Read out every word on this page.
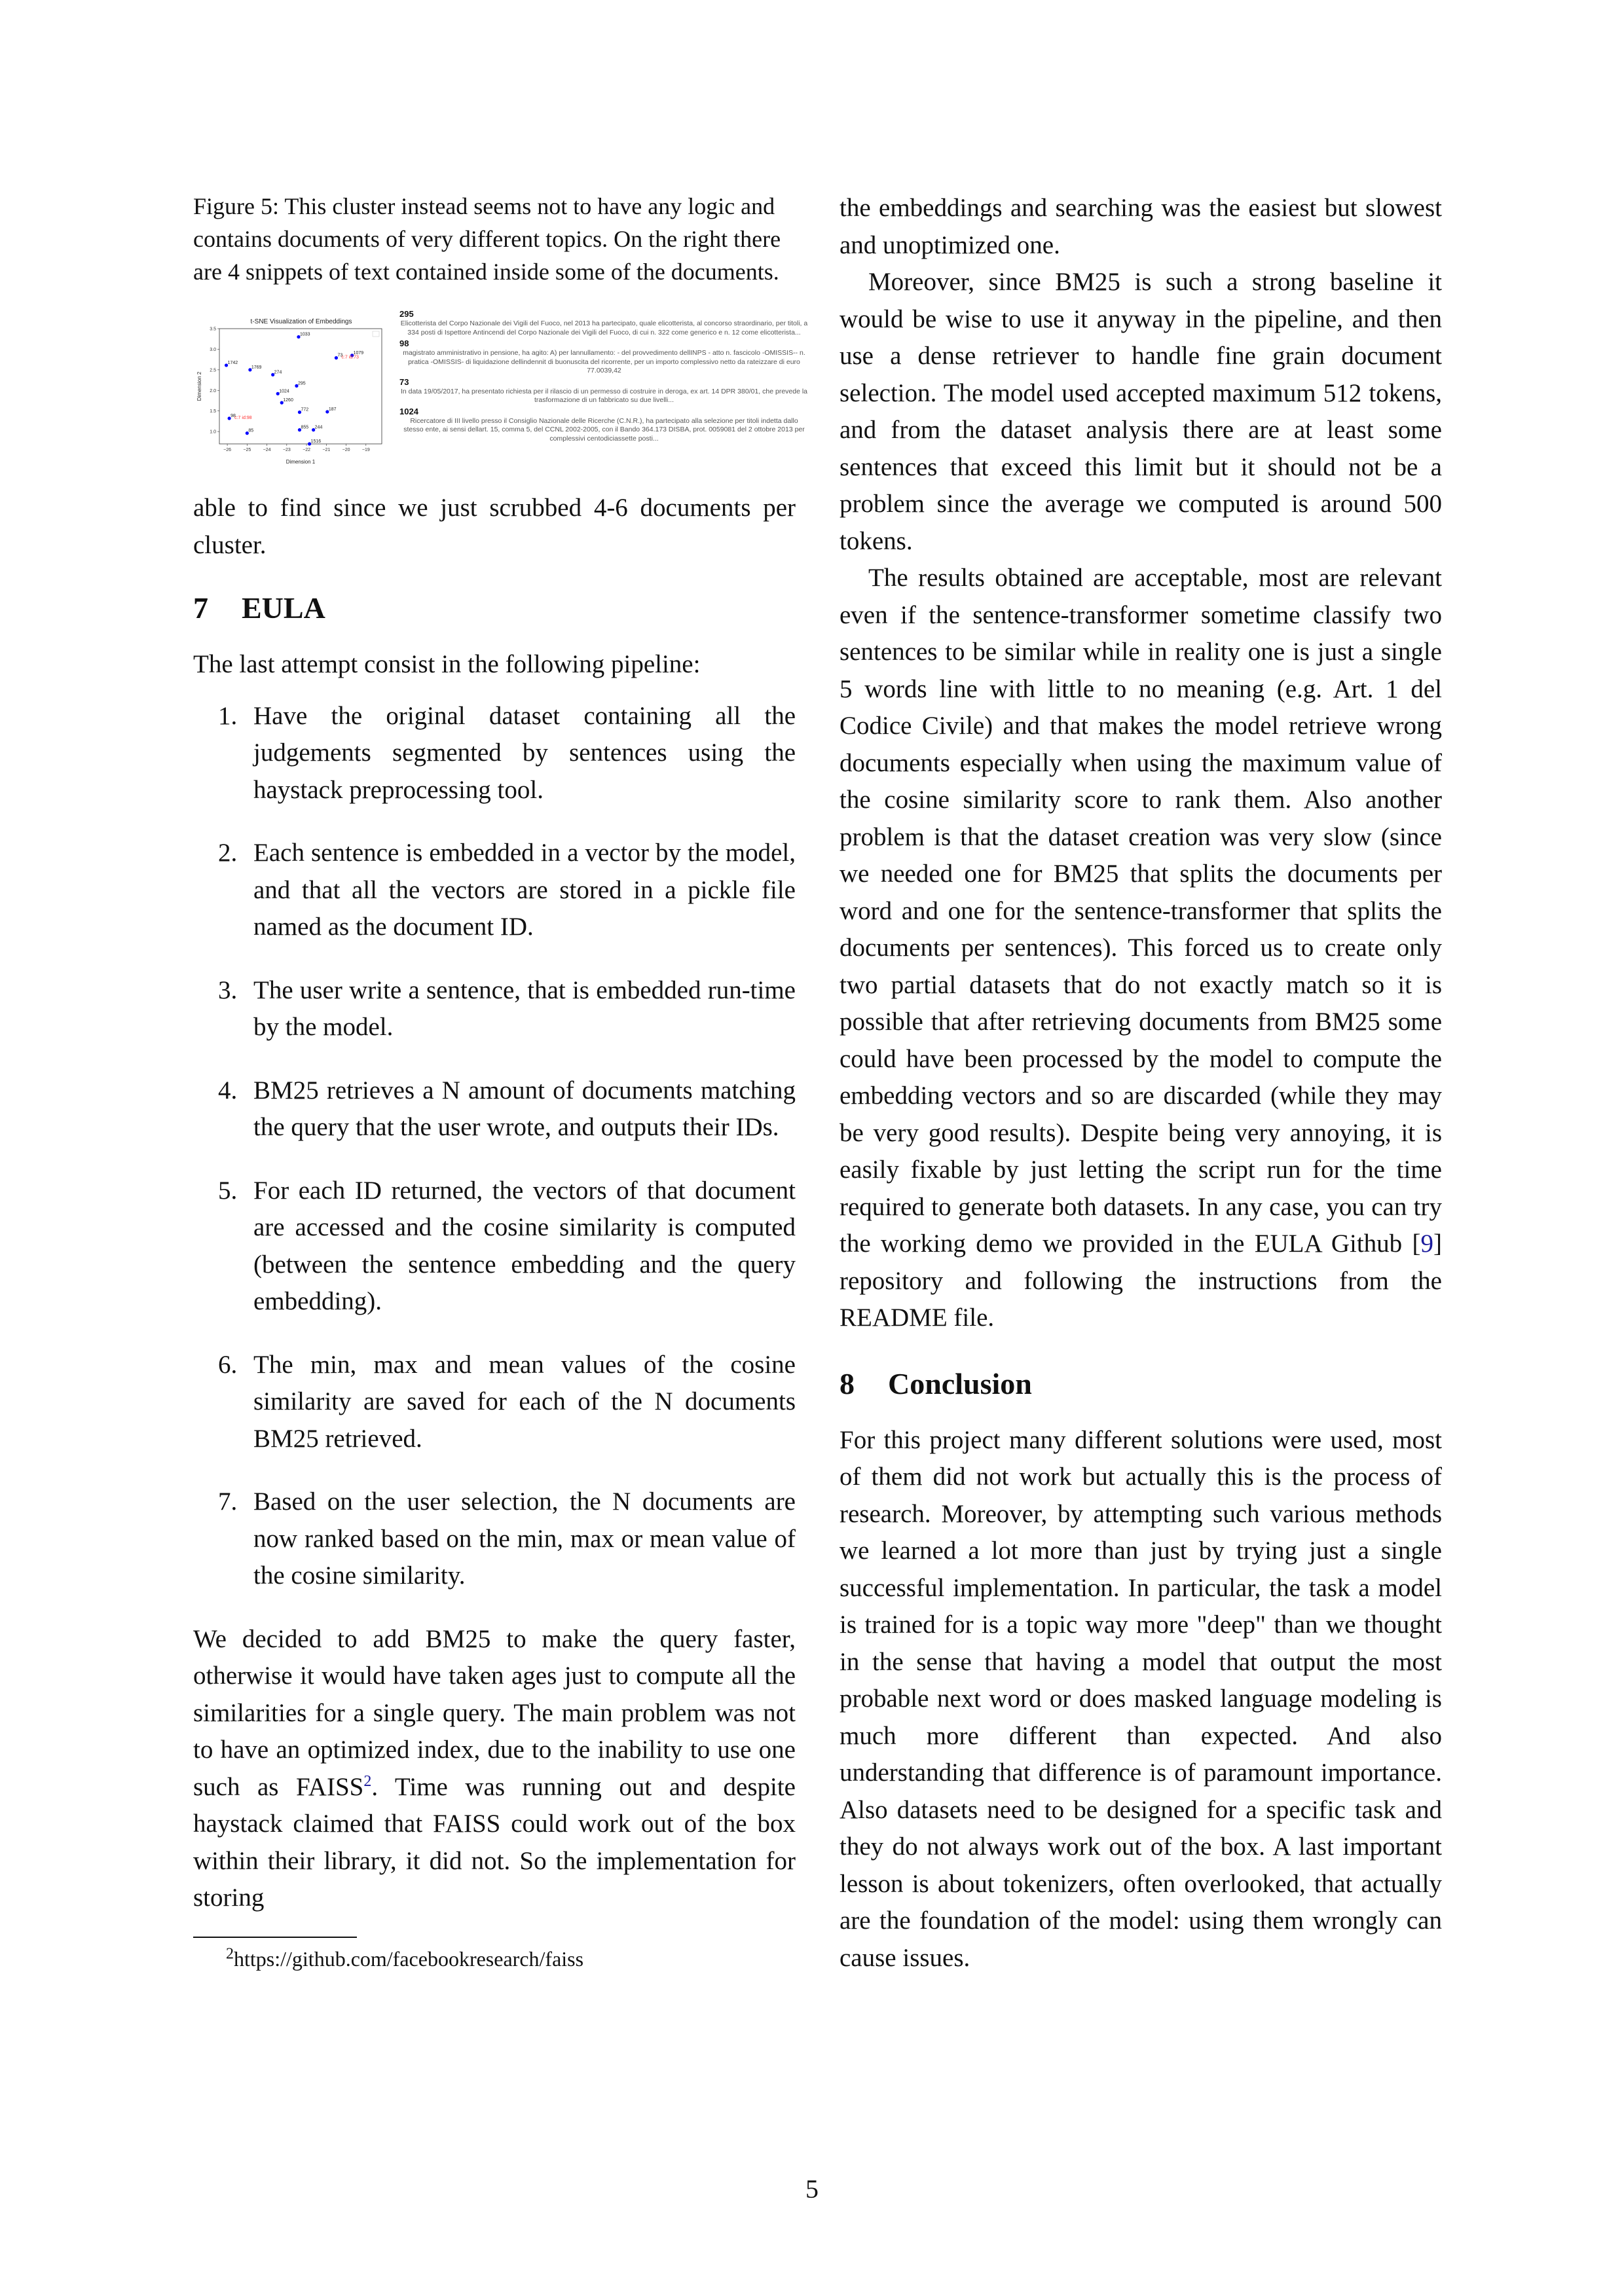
Figure 5: This cluster instead seems not to have any logic and contains documents of very different topics. On the right there are 4 snippets of text contained inside some of the documents.

t-SNE Visualization of Embeddings
1.0
1.5
2.0
2.5
3.0
3.5
−26	−25	−24	−23	−22	−21	−20	−19
1033
1079
73
c:7 id:73
1742
1769
274
295
1024
1260
772	187
98
c:7 id:98
855 244
85
1516
Dimension 1
Dimension 2
295
Elicotterista del Corpo Nazionale dei Vigili del Fuoco, nel 2013 ha partecipato, quale elicotterista, al concorso straordinario, per titoli, a 334 posti di Ispettore Antincendi del Corpo Nazionale dei Vigili del Fuoco, di cui n. 322 come generico e n. 12 come elicotterista...
98
magistrato amministrativo in pensione, ha agito: A) per lannullamento: - del provvedimento dellINPS - atto n. fascicolo -OMISSIS-- n. pratica -OMISSIS- di liquidazione dellindennit di buonuscita del ricorrente, per un importo complessivo netto da rateizzare di euro 77.0039,42
73
In data 19/05/2017, ha presentato richiesta per il rilascio di un permesso di costruire in deroga, ex art. 14 DPR 380/01, che prevede la trasformazione di un fabbricato su due livelli...
1024
Ricercatore di III livello presso il Consiglio Nazionale delle Ricerche (C.N.R.), ha partecipato alla selezione per titoli indetta dallo stesso ente, ai sensi dellart. 15, comma 5, del CCNL 2002-2005, con il Bando 364.173 DISBA, prot. 0059081 del 2 ottobre 2013 per complessivi centodiciassette posti...

able to find since we just scrubbed 4-6 documents per cluster.

7 EULA

The last attempt consist in the following pipeline:

1. Have the original dataset containing all the judgements segmented by sentences using the haystack preprocessing tool.
2. Each sentence is embedded in a vector by the model, and that all the vectors are stored in a pickle file named as the document ID.
3. The user write a sentence, that is embedded run-time by the model.
4. BM25 retrieves a N amount of documents matching the query that the user wrote, and outputs their IDs.
5. For each ID returned, the vectors of that document are accessed and the cosine similarity is computed (between the sentence embedding and the query embedding).
6. The min, max and mean values of the cosine similarity are saved for each of the N documents BM25 retrieved.
7. Based on the user selection, the N documents are now ranked based on the min, max or mean value of the cosine similarity.

We decided to add BM25 to make the query faster, otherwise it would have taken ages just to compute all the similarities for a single query. The main problem was not to have an optimized index, due to the inability to use one such as FAISS$^2$. Time was running out and despite haystack claimed that FAISS could work out of the box within their library, it did not. So the implementation for storing

$^2$https://github.com/facebookresearch/faiss

the embeddings and searching was the easiest but slowest and unoptimized one.

Moreover, since BM25 is such a strong baseline it would be wise to use it anyway in the pipeline, and then use a dense retriever to handle fine grain document selection. The model used accepted maximum 512 tokens, and from the dataset analysis there are at least some sentences that exceed this limit but it should not be a problem since the average we computed is around 500 tokens.

The results obtained are acceptable, most are relevant even if the sentence-transformer sometime classify two sentences to be similar while in reality one is just a single 5 words line with little to no meaning (e.g. Art. 1 del Codice Civile) and that makes the model retrieve wrong documents especially when using the maximum value of the cosine similarity score to rank them. Also another problem is that the dataset creation was very slow (since we needed one for BM25 that splits the documents per word and one for the sentence-transformer that splits the documents per sentences). This forced us to create only two partial datasets that do not exactly match so it is possible that after retrieving documents from BM25 some could have been processed by the model to compute the embedding vectors and so are discarded (while they may be very good results). Despite being very annoying, it is easily fixable by just letting the script run for the time required to generate both datasets. In any case, you can try the working demo we provided in the EULA Github [9] repository and following the instructions from the README file.

8 Conclusion

For this project many different solutions were used, most of them did not work but actually this is the process of research. Moreover, by attempting such various methods we learned a lot more than just by trying just a single successful implementation. In particular, the task a model is trained for is a topic way more "deep" than we thought in the sense that having a model that output the most probable next word or does masked language modeling is much more different than expected. And also understanding that difference is of paramount importance. Also datasets need to be designed for a specific task and they do not always work out of the box. A last important lesson is about tokenizers, often overlooked, that actually are the foundation of the model: using them wrongly can cause issues.

5
